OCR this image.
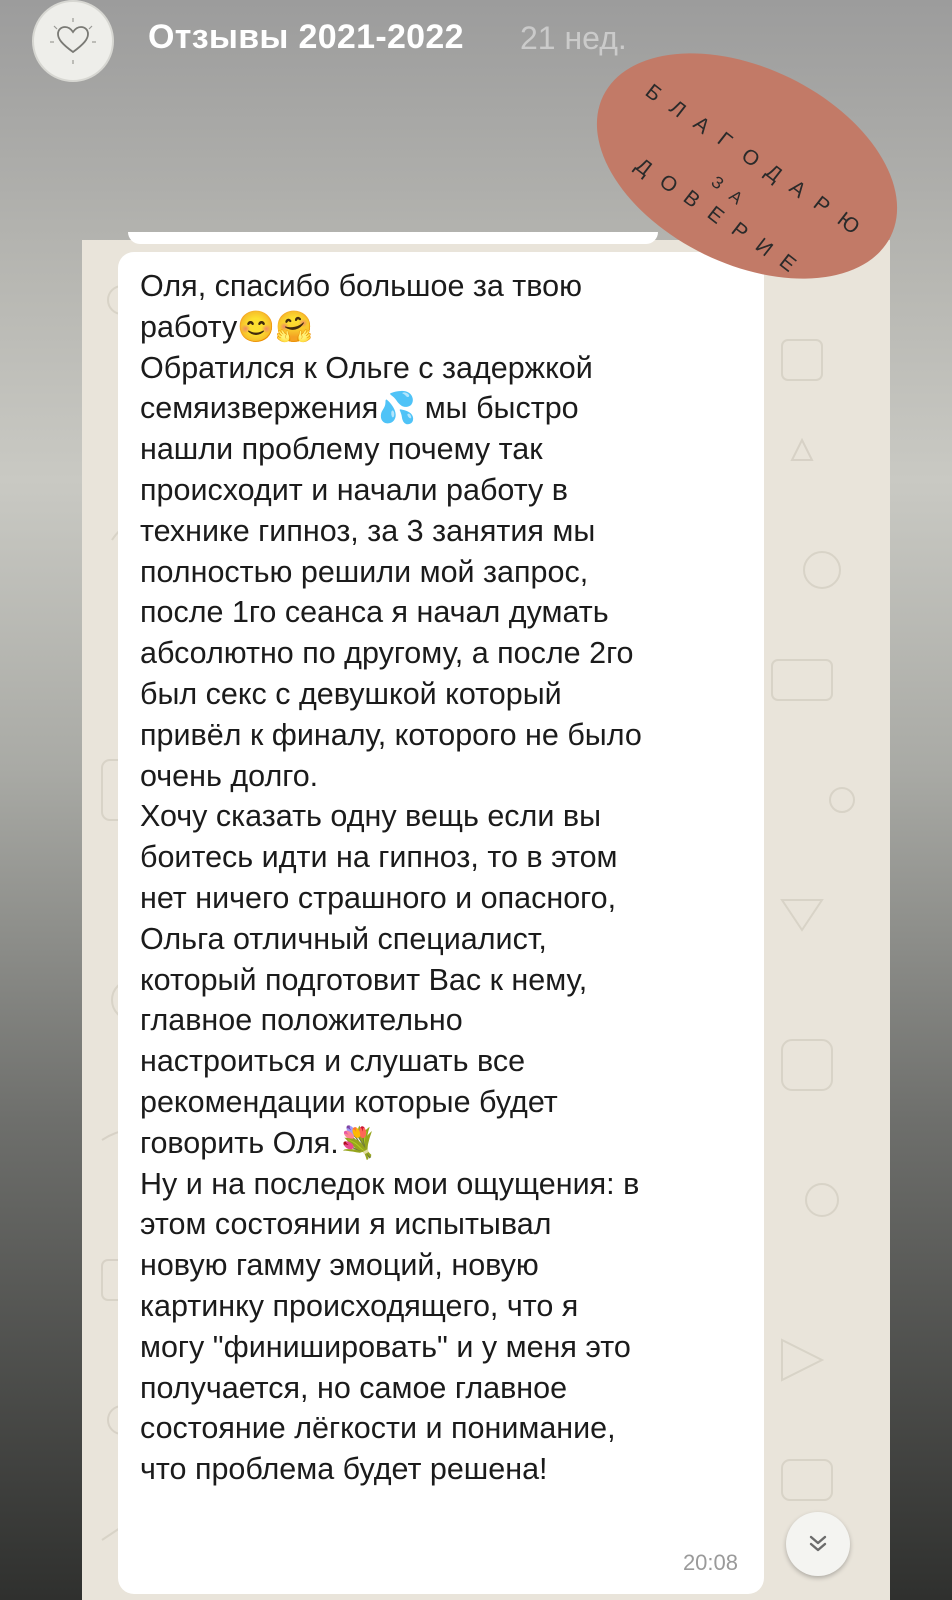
Отзывы 2021-2022 21 нед.

Оля, спасибо большое за твою
работу😊🤗
Обратился к Ольге с задержкой
семяизвержения💦 мы быстро
нашли проблему почему так
происходит и начали работу в
технике гипноз, за 3 занятия мы
полностью решили мой запрос,
после 1го сеанса я начал думать
абсолютно по другому, а после 2го
был секс с девушкой который
привёл к финалу, которого не было
очень долго.
Хочу сказать одну вещь если вы
боитесь идти на гипноз, то в этом
нет ничего страшного и опасного,
Ольга отличный специалист,
который подготовит Вас к нему,
главное положительно
настроиться и слушать все
рекомендации которые будет
говорить Оля.💐
Ну и на последок мои ощущения: в
этом состоянии я испытывал
новую гамму эмоций, новую
картинку происходящего, что я
могу "финишировать" и у меня это
получается, но самое главное
состояние лёгкости и понимание,
что проблема будет решена!

20:08
Б
Л
А
Г
О
Д
А
Р
Ю
З
А
Д
О
В
Е
Р
И
Е
